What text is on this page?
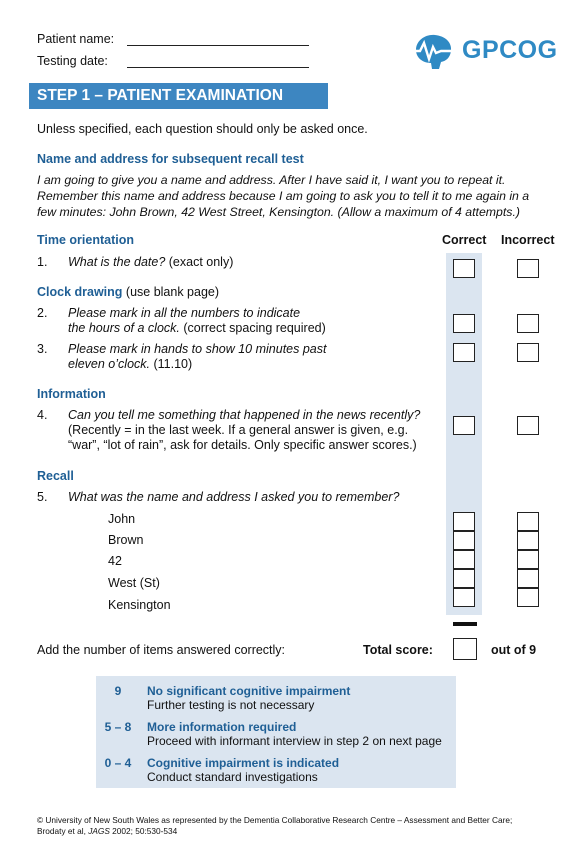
Patient name:
Testing date:	GPCOG
STEP 1 – PATIENT EXAMINATION
Unless specified, each question should only be asked once.
Name and address for subsequent recall test
I am going to give you a name and address. After I have said it, I want you to repeat it.
Remember this name and address because I am going to ask you to tell it to me again in a
few minutes: John Brown, 42 West Street, Kensington. (Allow a maximum of 4 attempts.)
Correct Incorrect
Time orientation
1. What is the date? (exact only)
Clock drawing (use blank page)
2. Please mark in all the numbers to indicate
the hours of a clock. (correct spacing required)
3. Please mark in hands to show 10 minutes past
eleven o’clock. (11.10)
Information
4. Can you tell me something that happened in the news recently?
(Recently = in the last week. If a general answer is given, e.g.
“war”, “lot of rain”, ask for details. Only specific answer scores.)
Recall
5. What was the name and address I asked you to remember?
John
Brown
42
West (St)
Kensington
Add the number of items answered correctly:	Total score:	out of 9
9	No significant cognitive impairment
Further testing is not necessary
5 – 8	More information required
Proceed with informant interview in step 2 on next page
0 – 4	Cognitive impairment is indicated
Conduct standard investigations
© University of New South Wales as represented by the Dementia Collaborative Research Centre – Assessment and Better Care;
Brodaty et al, JAGS 2002; 50:530-534
